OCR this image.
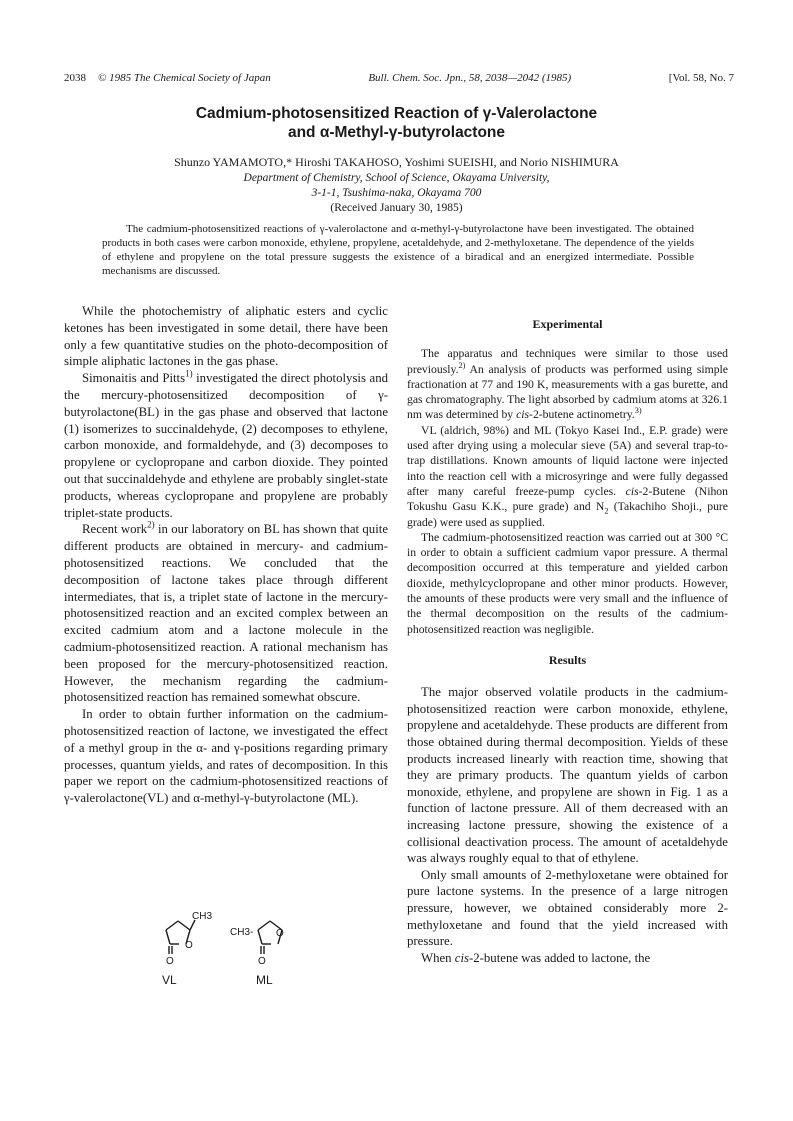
2038 © 1985 The Chemical Society of Japan	Bull. Chem. Soc. Jpn., 58, 2038—2042 (1985)	[Vol. 58, No. 7
Cadmium-photosensitized Reaction of γ-Valerolactone
and α-Methyl-γ-butyrolactone
Shunzo YAMAMOTO,* Hiroshi TAKAHOSO, Yoshimi SUEISHI, and Norio NISHIMURA
Department of Chemistry, School of Science, Okayama University,
3-1-1, Tsushima-naka, Okayama 700
(Received January 30, 1985)

The cadmium-photosensitized reactions of γ-valerolactone and α-methyl-γ-butyrolactone have been investigated. The obtained products in both cases were carbon monoxide, ethylene, propylene, acetaldehyde, and 2-methyloxetane. The dependence of the yields of ethylene and propylene on the total pressure suggests the existence of a biradical and an energized intermediate. Possible mechanisms are discussed.

While the photochemistry of aliphatic esters and cyclic ketones has been investigated in some detail, there have been only a few quantitative studies on the photo-decomposition of simple aliphatic lactones in the gas phase.

Simonaitis and Pitts$^{1)}$ investigated the direct photolysis and the mercury-photosensitized decomposition of γ-butyrolactone(BL) in the gas phase and observed that lactone (1) isomerizes to succinaldehyde, (2) decomposes to ethylene, carbon monoxide, and formaldehyde, and (3) decomposes to propylene or cyclopropane and carbon dioxide. They pointed out that succinaldehyde and ethylene are probably singlet-state products, whereas cyclopropane and propylene are probably triplet-state products.

Recent work$^{2)}$ in our laboratory on BL has shown that quite different products are obtained in mercury- and cadmium- photosensitized reactions. We concluded that the decomposition of lactone takes place through different intermediates, that is, a triplet state of lactone in the mercury-photosensitized reaction and an excited complex between an excited cadmium atom and a lactone molecule in the cadmium-photosensitized reaction. A rational mechanism has been proposed for the mercury-photosensitized reaction. However, the mechanism regarding the cadmium-photosensitized reaction has remained somewhat obscure.

In order to obtain further information on the cadmium-photosensitized reaction of lactone, we investigated the effect of a methyl group in the α- and γ-positions regarding primary processes, quantum yields, and rates of decomposition. In this paper we report on the cadmium-photosensitized reactions of γ-valerolactone(VL) and α-methyl-γ-butyrolactone (ML).

O
O
CH3
VL
O
O
CH3-
ML

Experimental

The apparatus and techniques were similar to those used previously.$^{2)}$ An analysis of products was performed using simple fractionation at 77 and 190 K, measurements with a gas burette, and gas chromatography. The light absorbed by cadmium atoms at 326.1 nm was determined by cis-2-butene actinometry.$^{3)}$

VL (aldrich, 98%) and ML (Tokyo Kasei Ind., E.P. grade) were used after drying using a molecular sieve (5A) and several trap-to-trap distillations. Known amounts of liquid lactone were injected into the reaction cell with a microsyringe and were fully degassed after many careful freeze-pump cycles. cis-2-Butene (Nihon Tokushu Gasu K.K., pure grade) and $N_2$ (Takachiho Shoji., pure grade) were used as supplied.

The cadmium-photosensitized reaction was carried out at 300 °C in order to obtain a sufficient cadmium vapor pressure. A thermal decomposition occurred at this temperature and yielded carbon dioxide, methylcyclopropane and other minor products. However, the amounts of these products were very small and the influence of the thermal decomposition on the results of the cadmium-photosensitized reaction was negligible.

Results

The major observed volatile products in the cadmium-photosensitized reaction were carbon monoxide, ethylene, propylene and acetaldehyde. These products are different from those obtained during thermal decomposition. Yields of these products increased linearly with reaction time, showing that they are primary products. The quantum yields of carbon monoxide, ethylene, and propylene are shown in Fig. 1 as a function of lactone pressure. All of them decreased with an increasing lactone pressure, showing the existence of a collisional deactivation process. The amount of acetaldehyde was always roughly equal to that of ethylene.

Only small amounts of 2-methyloxetane were obtained for pure lactone systems. In the presence of a large nitrogen pressure, however, we obtained considerably more 2-methyloxetane and found that the yield increased with pressure.

When cis-2-butene was added to lactone, the
